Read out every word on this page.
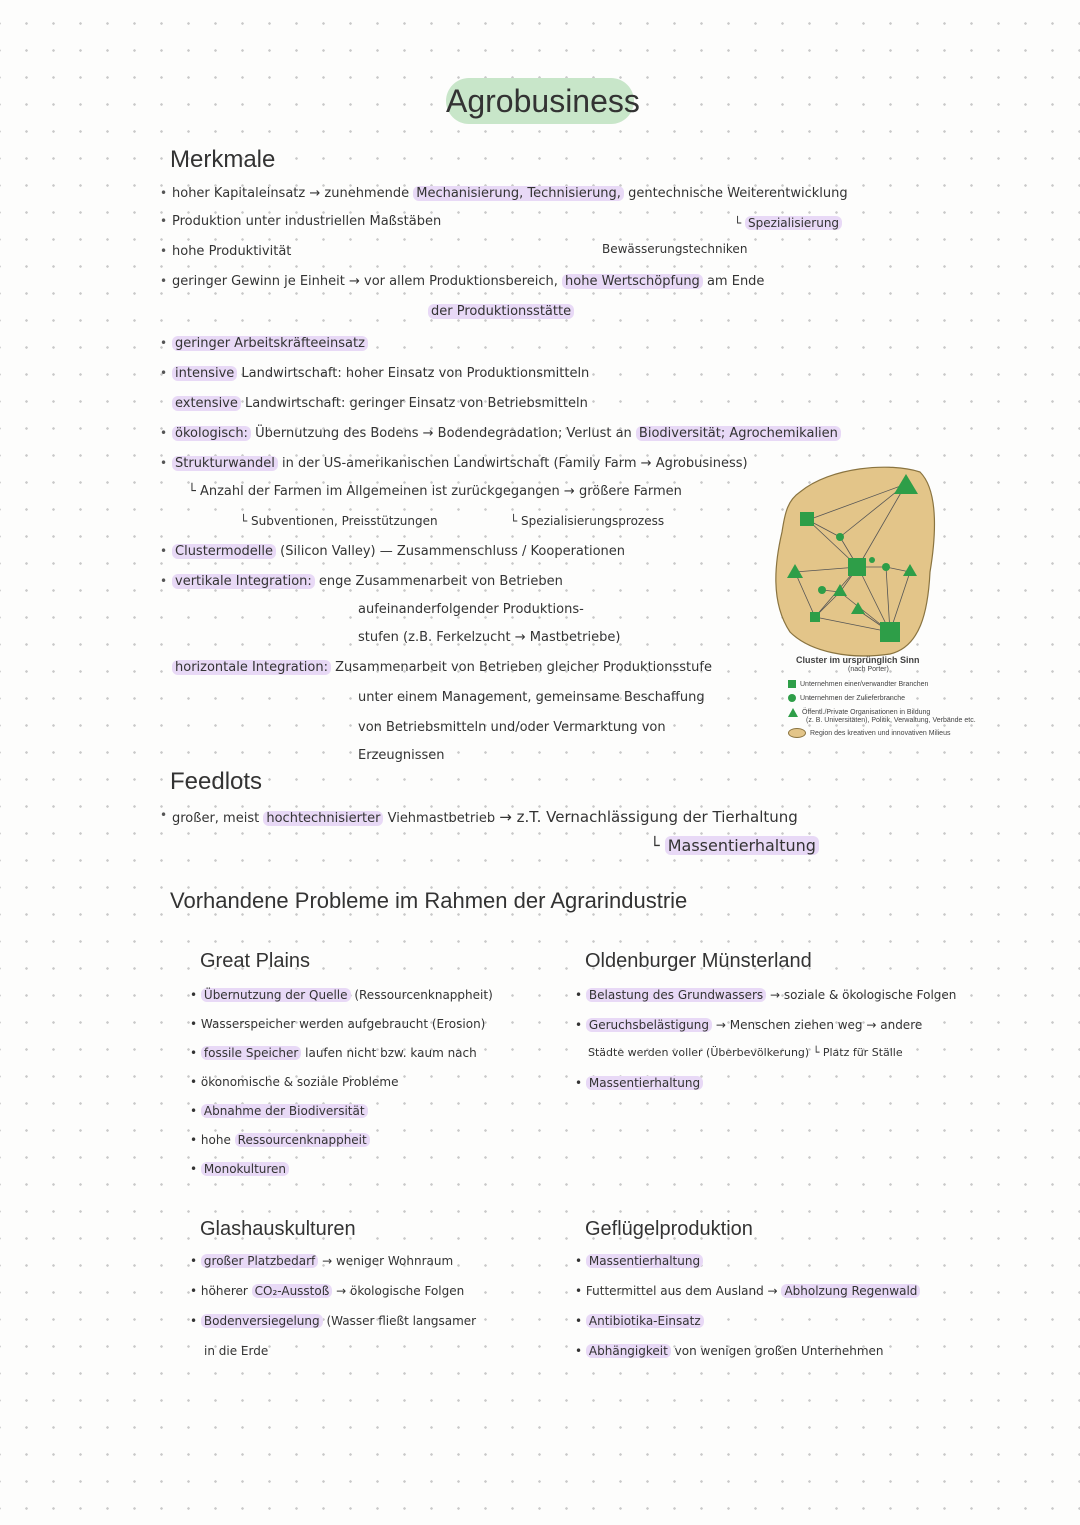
Agrobusiness
Merkmale
• hoher Kapitaleinsatz → zunehmende Mechanisierung, Technisierung, gentechnische Weiterentwicklung
└ Spezialisierung
Bewässerungstechniken
• Produktion unter industriellen Maßstäben
• hohe Produktivität
• geringer Gewinn je Einheit → vor allem Produktionsbereich, hohe Wertschöpfung am Ende
der Produktionsstätte
• geringer Arbeitskräfteeinsatz
• intensive Landwirtschaft: hoher Einsatz von Produktionsmitteln
extensive Landwirtschaft: geringer Einsatz von Betriebsmitteln
• ökologisch: Übernutzung des Bodens → Bodendegradation; Verlust an Biodiversität; Agrochemikalien
• Strukturwandel in der US-amerikanischen Landwirtschaft (Family Farm → Agrobusiness)
└ Anzahl der Farmen im Allgemeinen ist zurückgegangen → größere Farmen
└ Subventionen, Preisstützungen	└ Spezialisierungsprozess
• Clustermodelle (Silicon Valley) — Zusammenschluss / Kooperationen
• vertikale Integration: enge Zusammenarbeit von Betrieben
aufeinanderfolgender Produktions-
stufen (z.B. Ferkelzucht → Mastbetriebe)
horizontale Integration: Zusammenarbeit von Betrieben gleicher Produktionsstufe
unter einem Management, gemeinsame Beschaffung
von Betriebsmitteln und/oder Vermarktung von
Erzeugnissen
Cluster im ursprünglich Sinn
(nach Porter)
Unternehmen einer/verwandter Branchen
Unternehmen der Zulieferbranche
Öffentl./Private Organisationen in Bildung
(z. B. Universitäten), Politik, Verwaltung, Verbände etc.
Region des kreativen und innovativen Milieus
Feedlots
• großer, meist hochtechnisierter Viehmastbetrieb → z.T. Vernachlässigung der Tierhaltung
└ Massentierhaltung
Vorhandene Probleme im Rahmen der Agrarindustrie
Great Plains
• Übernutzung der Quelle (Ressourcenknappheit)
• Wasserspeicher werden aufgebraucht (Erosion)
• fossile Speicher laufen nicht bzw. kaum nach
• ökonomische & soziale Probleme
• Abnahme der Biodiversität
• hohe Ressourcenknappheit
• Monokulturen
Oldenburger Münsterland
• Belastung des Grundwassers → soziale & ökologische Folgen
• Geruchsbelästigung → Menschen ziehen weg → andere
Städte werden voller (Überbevölkerung) └ Platz für Ställe
• Massentierhaltung
Glashauskulturen
• großer Platzbedarf → weniger Wohnraum
• höherer CO₂-Ausstoß → ökologische Folgen
• Bodenversiegelung (Wasser fließt langsamer
in die Erde
Geflügelproduktion
• Massentierhaltung
• Futtermittel aus dem Ausland → Abholzung Regenwald
• Antibiotika-Einsatz
• Abhängigkeit von wenigen großen Unternehmen
